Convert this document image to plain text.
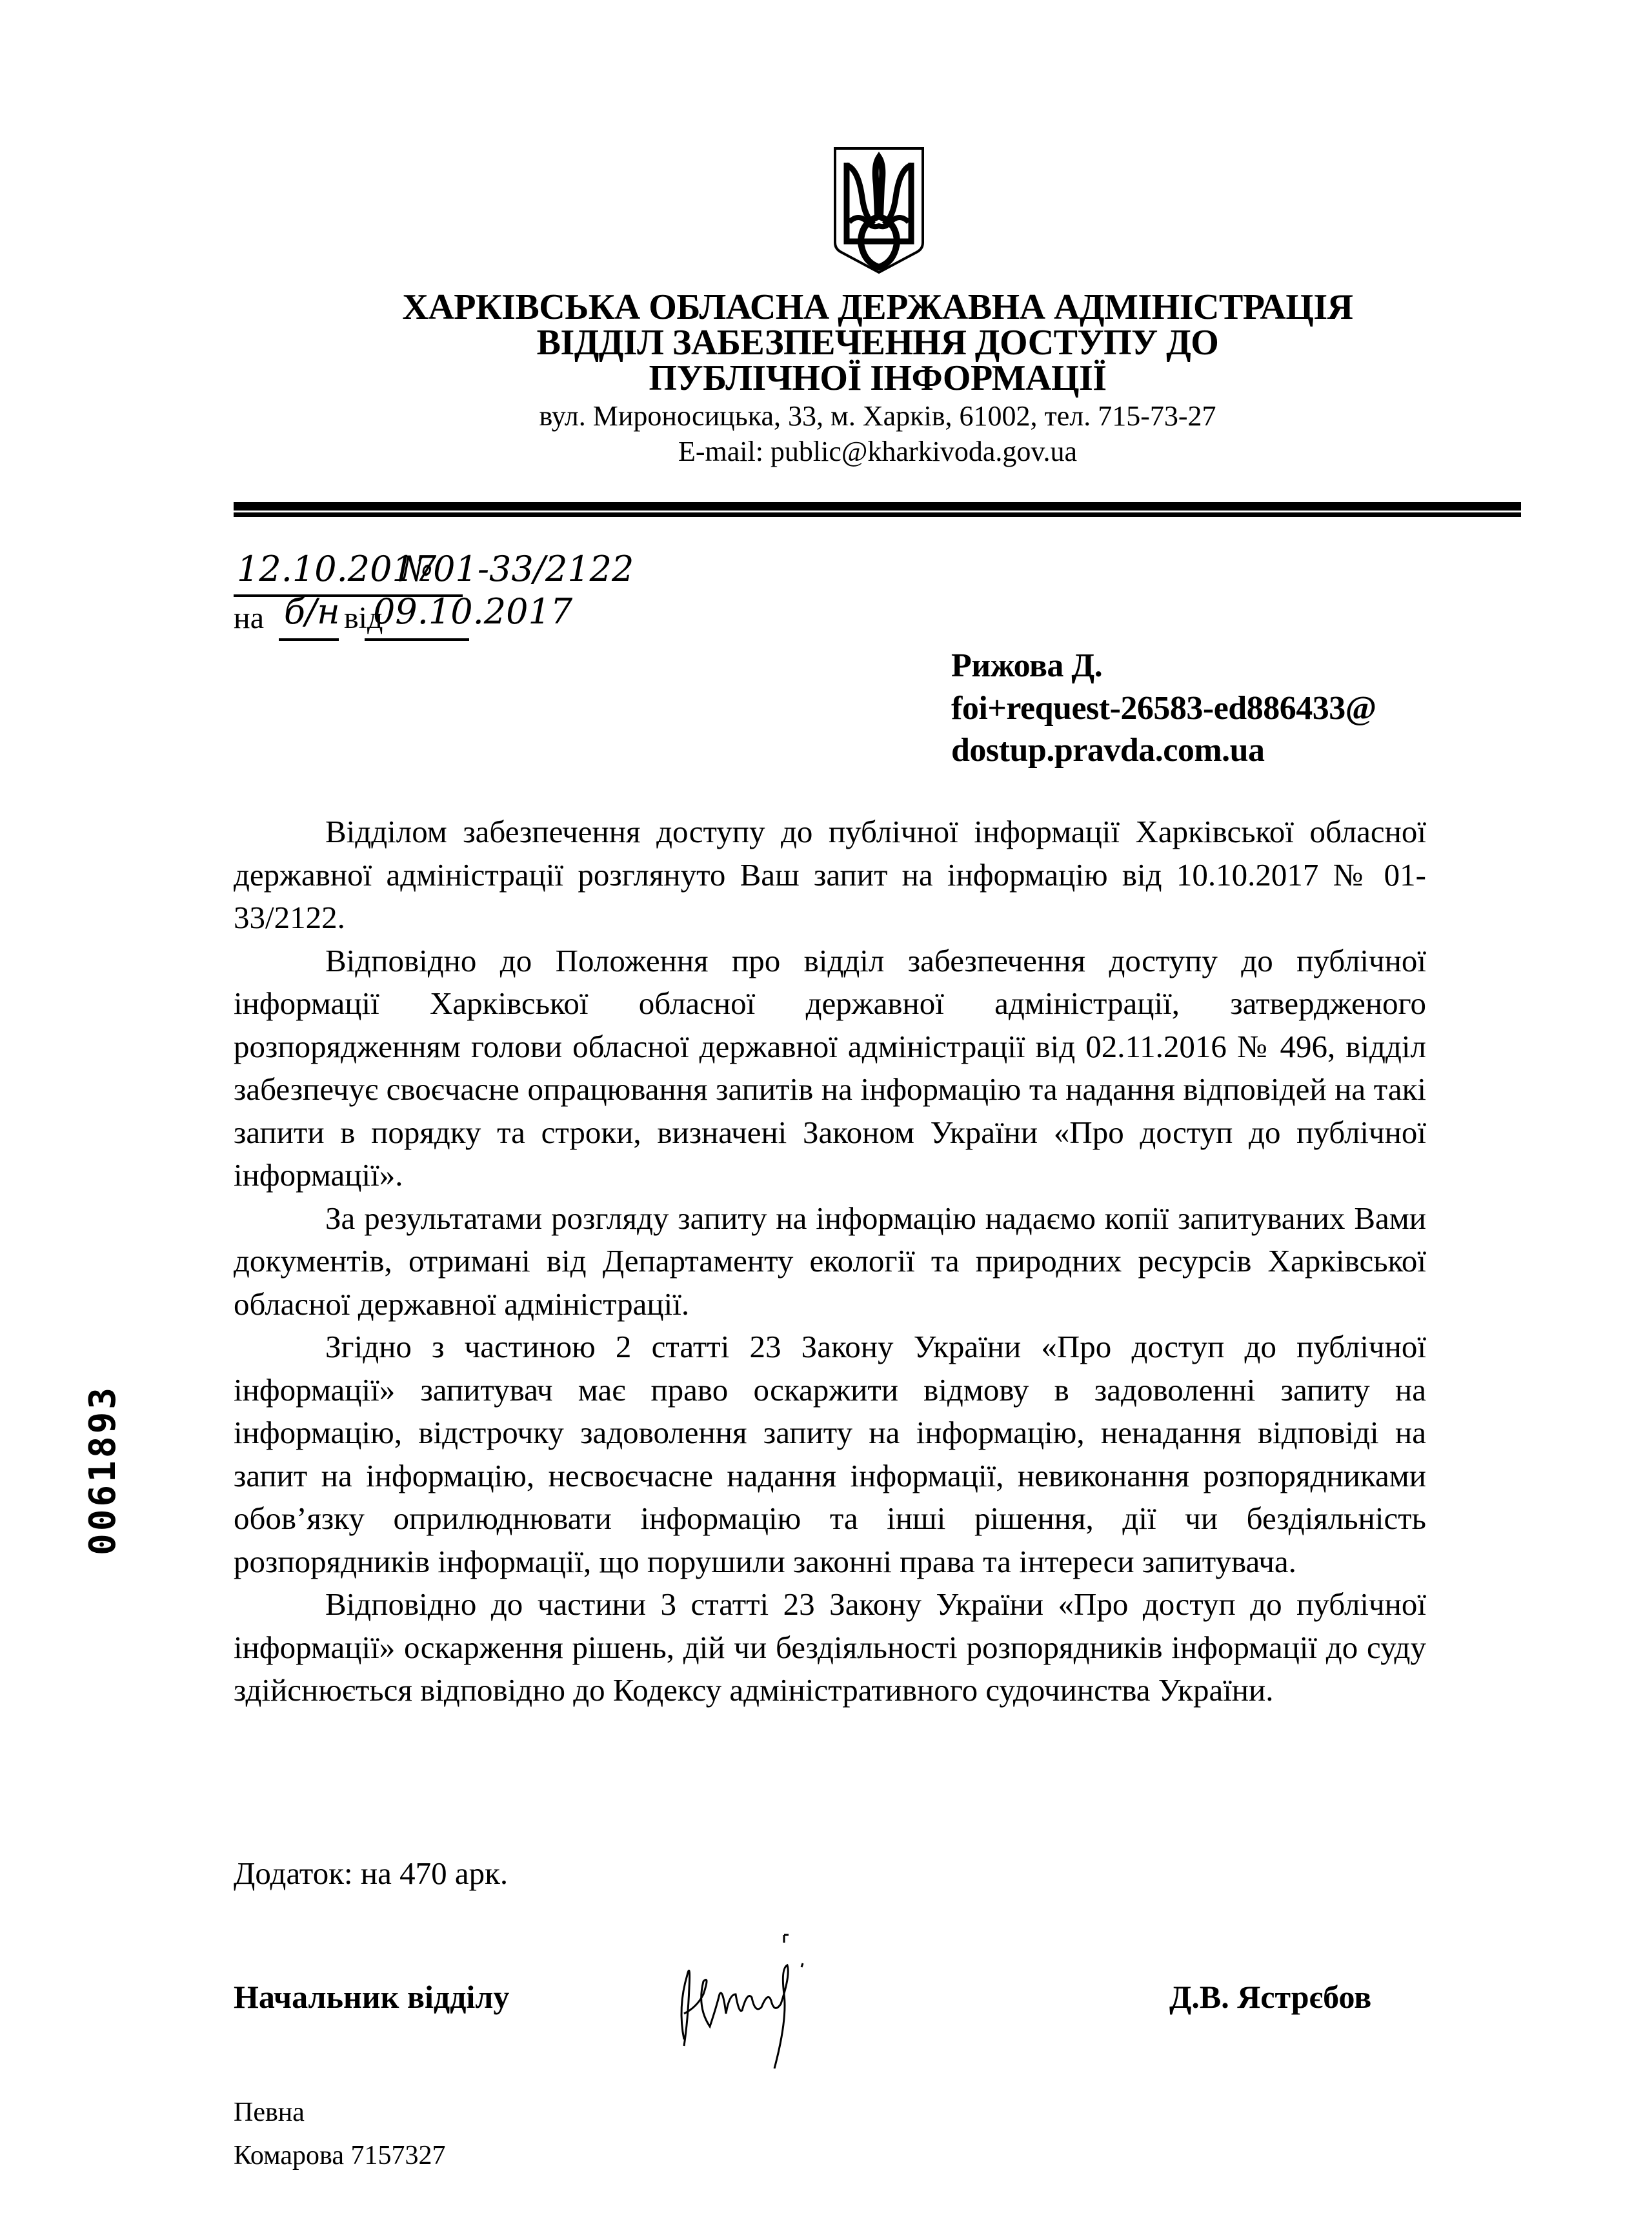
ХАРКІВСЬКА ОБЛАСНА ДЕРЖАВНА АДМІНІСТРАЦІЯ
ВІДДІЛ ЗАБЕЗПЕЧЕННЯ ДОСТУПУ ДО
ПУБЛІЧНОЇ ІНФОРМАЦІЇ
вул. Мироносицька, 33, м. Харків, 61002, тел. 715-73-27
E-mail: public@kharkivoda.gov.ua
12.10.2017
№01-33/2122
на	від
б/н 09.10.2017
Рижова Д.
foi+request-26583-ed886433@
dostup.pravda.com.ua

Відділом забезпечення доступу до публічної інформації Харківської обласної державної адміністрації розглянуто Ваш запит на інформацію від 10.10.2017 № 01-33/2122.

Відповідно до Положення про відділ забезпечення доступу до публічної інформації Харківської обласної державної адміністрації, затвердженого розпорядженням голови обласної державної адміністрації від 02.11.2016 № 496, відділ забезпечує своєчасне опрацювання запитів на інформацію та надання відповідей на такі запити в порядку та строки, визначені Законом України «Про доступ до публічної інформації».

За результатами розгляду запиту на інформацію надаємо копії запитуваних Вами документів, отримані від Департаменту екології та природних ресурсів Харківської обласної державної адміністрації.

Згідно з частиною 2 статті 23 Закону України «Про доступ до публічної інформації» запитувач має право оскаржити відмову в задоволенні запиту на інформацію, відстрочку задоволення запиту на інформацію, ненадання відповіді на запит на інформацію, несвоєчасне надання інформації, невиконання розпорядниками обов’язку оприлюднювати інформацію та інші рішення, дії чи бездіяльність розпорядників інформації, що порушили законні права та інтереси запитувача.

Відповідно до частини 3 статті 23 Закону України «Про доступ до публічної інформації» оскарження рішень, дій чи бездіяльності розпорядників інформації до суду здійснюється відповідно до Кодексу адміністративного судочинства України.

Додаток: на 470 арк.
Начальник відділу	Д.В. Ястрєбов
Певна
Комарова 7157327
0061893
